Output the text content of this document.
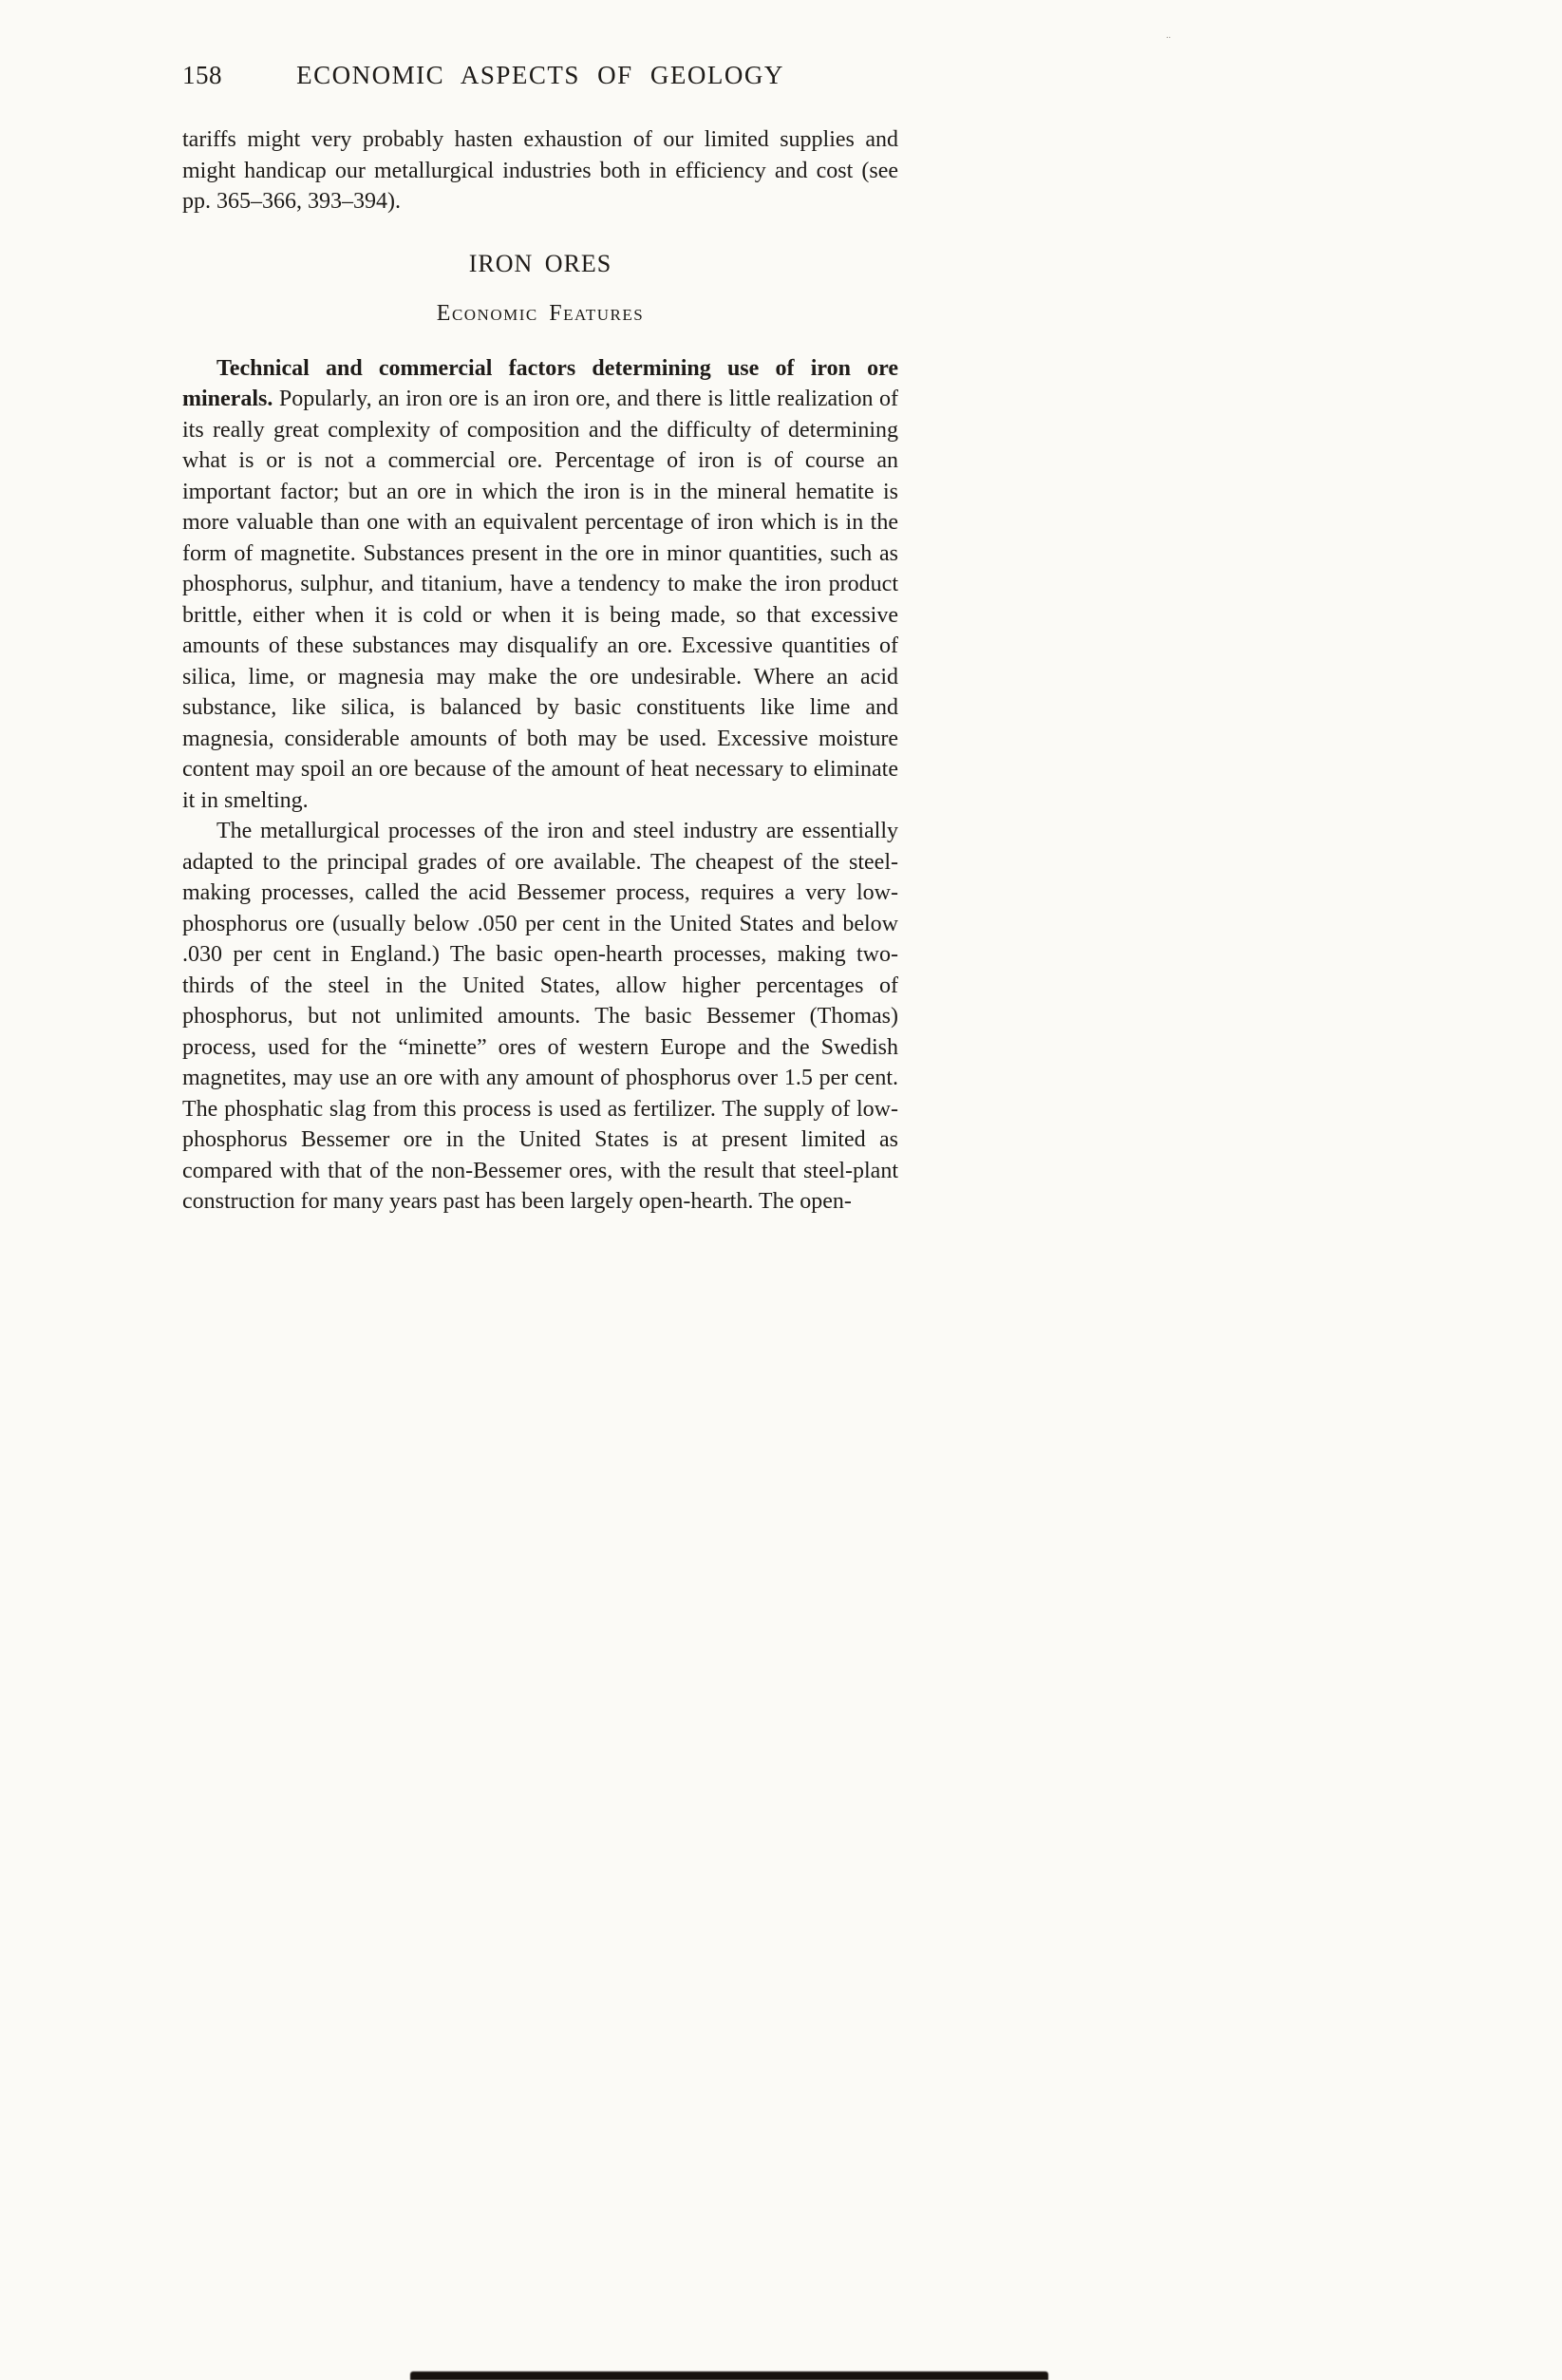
158	ECONOMIC ASPECTS OF GEOLOGY

tariffs might very probably hasten exhaustion of our limited supplies and might handicap our metallurgical industries both in efficiency and cost (see pp. 365–366, 393–394).

IRON ORES
Economic Features

Technical and commercial factors determining use of iron ore minerals. Popularly, an iron ore is an iron ore, and there is little realization of its really great complexity of composition and the difficulty of determining what is or is not a commercial ore. Percentage of iron is of course an important factor; but an ore in which the iron is in the mineral hematite is more valuable than one with an equivalent percentage of iron which is in the form of magnetite. Substances present in the ore in minor quantities, such as phosphorus, sulphur, and titanium, have a tendency to make the iron product brittle, either when it is cold or when it is being made, so that excessive amounts of these substances may disqualify an ore. Excessive quantities of silica, lime, or magnesia may make the ore undesirable. Where an acid substance, like silica, is balanced by basic constituents like lime and magnesia, considerable amounts of both may be used. Excessive moisture content may spoil an ore because of the amount of heat necessary to eliminate it in smelting.

The metallurgical processes of the iron and steel industry are essentially adapted to the principal grades of ore available. The cheapest of the steel-making processes, called the acid Bessemer process, requires a very low-phosphorus ore (usually below .050 per cent in the United States and below .030 per cent in England.) The basic open-hearth processes, making two-thirds of the steel in the United States, allow higher percentages of phosphorus, but not unlimited amounts. The basic Bessemer (Thomas) process, used for the “minette” ores of western Europe and the Swedish magnetites, may use an ore with any amount of phosphorus over 1.5 per cent. The phosphatic slag from this process is used as fertilizer. The supply of low-phosphorus Bessemer ore in the United States is at present limited as compared with that of the non-Bessemer ores, with the result that steel-plant construction for many years past has been largely open-hearth. The open-

..
